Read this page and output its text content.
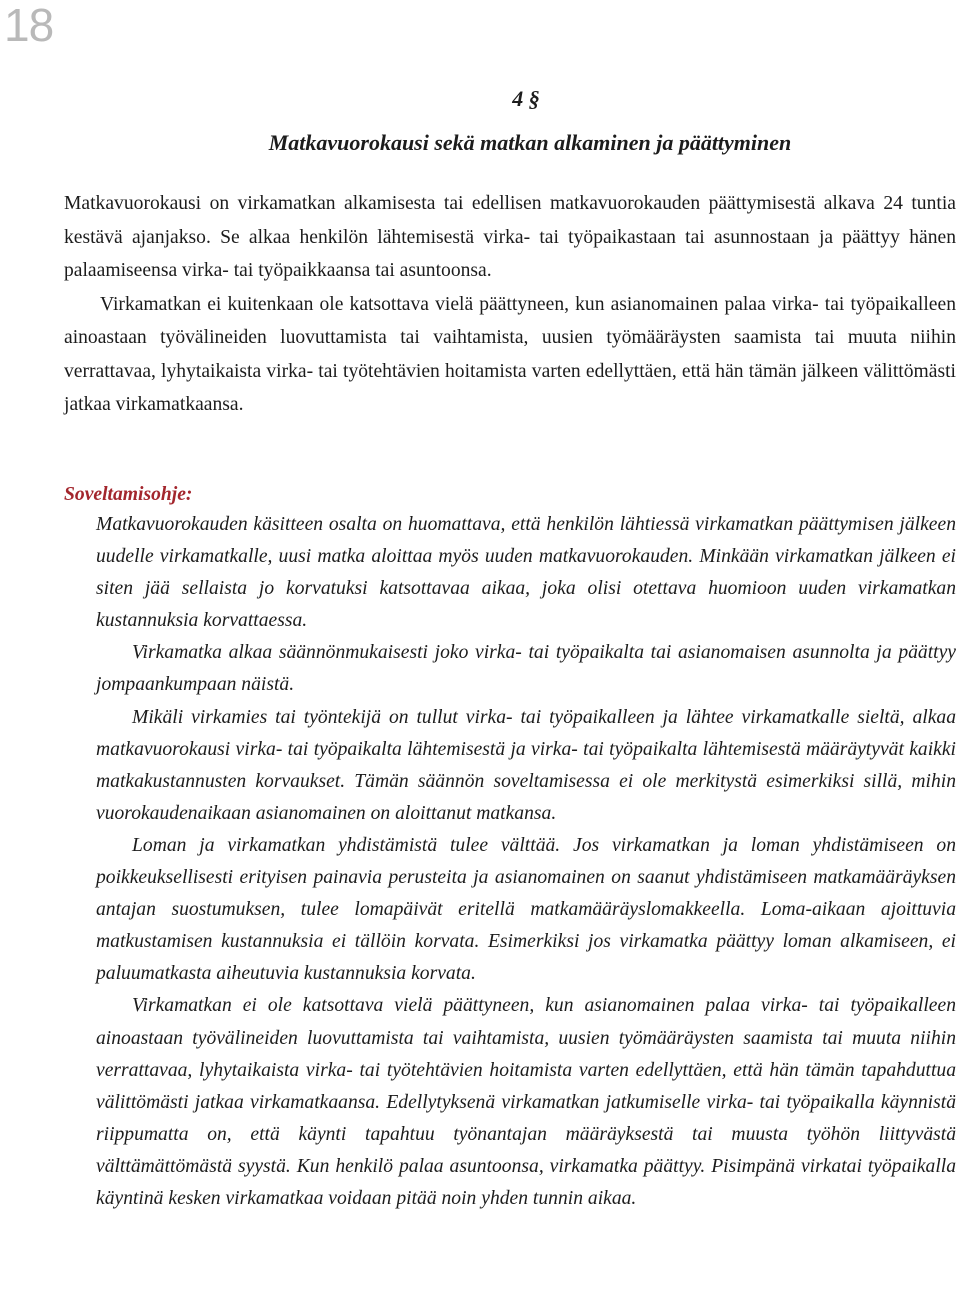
18
4 §
Matkavuorokausi sekä matkan alkaminen ja päättyminen

Matkavuorokausi on virkamatkan alkamisesta tai edellisen matkavuorokauden päättymisestä alkava 24 tuntia kestävä ajanjakso. Se alkaa henkilön lähtemisestä virka- tai työpaikastaan tai asunnostaan ja päättyy hänen palaamiseensa virka- tai työpaikkaansa tai asuntoonsa.

Virkamatkan ei kuitenkaan ole katsottava vielä päättyneen, kun asianomainen palaa virka- tai työpaikalleen ainoastaan työvälineiden luovuttamista tai vaihtamista, uusien työmääräysten saamista tai muuta niihin verrattavaa, lyhytaikaista virka- tai työtehtävien hoitamista varten edellyttäen, että hän tämän jälkeen välittömästi jatkaa virkamatkaansa.

Soveltamisohje:

Matkavuorokauden käsitteen osalta on huomattava, että henkilön lähtiessä virkamatkan päättymisen jälkeen uudelle virkamatkalle, uusi matka aloittaa myös uuden matkavuorokauden. Minkään virkamatkan jälkeen ei siten jää sellaista jo korvatuksi katsottavaa aikaa, joka olisi otettava huomioon uuden virkamatkan kustannuksia korvattaessa.

Virkamatka alkaa säännönmukaisesti joko virka- tai työpaikalta tai asianomaisen asunnolta ja päättyy jompaankumpaan näistä.

Mikäli virkamies tai työntekijä on tullut virka- tai työpaikalleen ja lähtee virkamatkalle sieltä, alkaa matkavuorokausi virka- tai työpaikalta lähtemisestä ja virka- tai työpaikalta lähtemisestä määräytyvät kaikki matkakustannusten korvaukset. Tämän säännön soveltamisessa ei ole merkitystä esimerkiksi sillä, mihin vuorokaudenaikaan asianomainen on aloittanut matkansa.

Loman ja virkamatkan yhdistämistä tulee välttää. Jos virkamatkan ja loman yhdistämiseen on poikkeuksellisesti erityisen painavia perusteita ja asianomainen on saanut yhdistämiseen matkamääräyksen antajan suostumuksen, tulee lomapäivät eritellä matkamääräyslomakkeella. Loma-aikaan ajoittuvia matkustamisen kustannuksia ei tällöin korvata. Esimerkiksi jos virkamatka päättyy loman alkamiseen, ei paluumatkasta aiheutuvia kustannuksia korvata.

Virkamatkan ei ole katsottava vielä päättyneen, kun asianomainen palaa virka- tai työpaikalleen ainoastaan työvälineiden luovuttamista tai vaihtamista, uusien työmääräysten saamista tai muuta niihin verrattavaa, lyhytaikaista virka- tai työtehtävien hoitamista varten edellyttäen, että hän tämän tapahduttua välittömästi jatkaa virkamatkaansa. Edellytyksenä virkamatkan jatkumiselle virka- tai työpaikalla käynnistä riippumatta on, että käynti tapahtuu työnantajan määräyksestä tai muusta työhön liittyvästä välttämättömästä syystä. Kun henkilö palaa asuntoonsa, virkamatka päättyy. Pisimpänä virkatai työpaikalla käyntinä kesken virkamatkaa voidaan pitää noin yhden tunnin aikaa.
